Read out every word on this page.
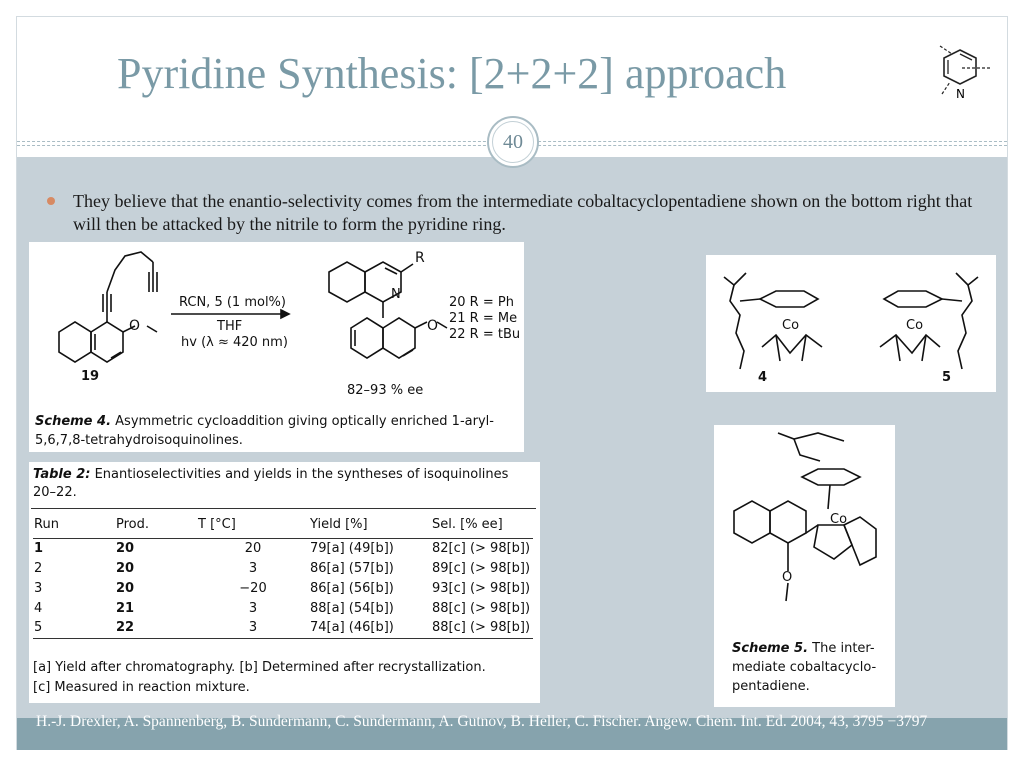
Pyridine Synthesis: [2+2+2] approach	N
40
They believe that the enantio-selectivity comes from the intermediate cobaltacyclopentadiene shown on the bottom right that will then be attacked by the nitrile to form the pyridine ring.
O	O
R
N
19
RCN, 5 (1 mol%)
THF
hv (λ ≈ 420 nm)
82–93 % ee
20 R = Ph
21 R = Me
22 R = tBu
Scheme 4. Asymmetric cycloaddition giving optically enriched 1-aryl-5,6,7,8-tetrahydroisoquinolines.
Table 2: Enantioselectivities and yields in the syntheses of isoquinolines 20–22.
Run	Prod.	T [°C]	Yield [%]	Sel. [% ee]
1	20	20	79[a] (49[b])	82[c] (> 98[b])
2	20	3	86[a] (57[b])	89[c] (> 98[b])
3	20	−20	86[a] (56[b])	93[c] (> 98[b])
4	21	3	88[a] (54[b])	88[c] (> 98[b])
5	22	3	74[a] (46[b])	88[c] (> 98[b])
[a] Yield after chromatography. [b] Determined after recrystallization.
[c] Measured in reaction mixture.
Co	Co
4	5
Co
O
Scheme 5. The inter-
mediate cobaltacyclo-
pentadiene.
H.-J. Drexler, A. Spannenberg, B. Sundermann, C. Sundermann, A. Gutnov, B. Heller, C. Fischer. Angew. Chem. Int. Ed. 2004, 43, 3795 −3797
